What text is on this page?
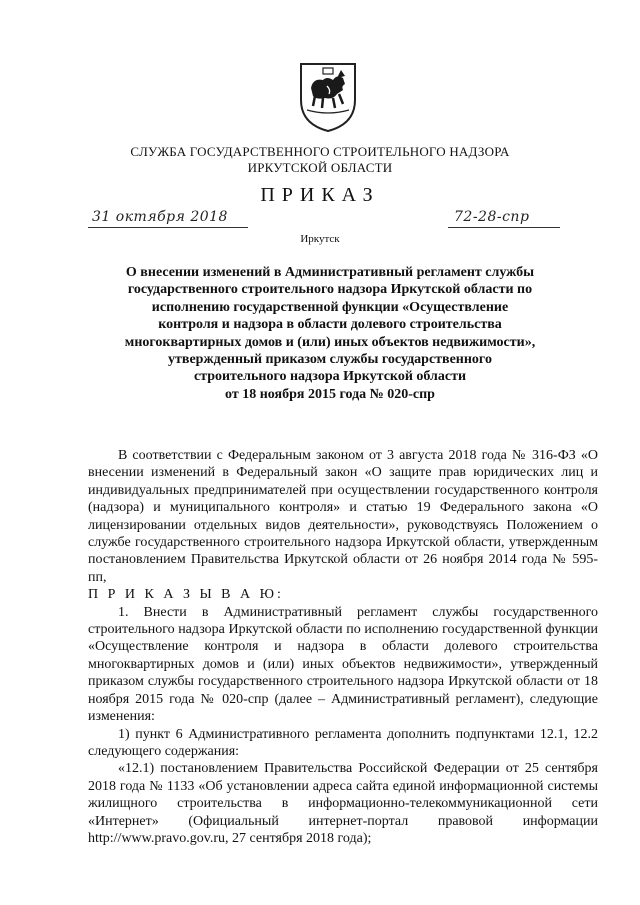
СЛУЖБА ГОСУДАРСТВЕННОГО СТРОИТЕЛЬНОГО НАДЗОРА
ИРКУТСКОЙ ОБЛАСТИ
ПРИКАЗ
31 октября 2018	72-28-спр
Иркутск
О внесении изменений в Административный регламент службы
государственного строительного надзора Иркутской области по
исполнению государственной функции «Осуществление
контроля и надзора в области долевого строительства
многоквартирных домов и (или) иных объектов недвижимости»,
утвержденный приказом службы государственного
строительного надзора Иркутской области
от 18 ноября 2015 года № 020-спр

В соответствии с Федеральным законом от 3 августа 2018 года № 316-ФЗ «О внесении изменений в Федеральный закон «О защите прав юридических лиц и индивидуальных предпринимателей при осуществлении государственного контроля (надзора) и муниципального контроля» и статью 19 Федерального закона «О лицензировании отдельных видов деятельности», руководствуясь Положением о службе государственного строительного надзора Иркутской области, утвержденным постановлением Правительства Иркутской области от 26 ноября 2014 года № 595-пп,

П Р И К А З Ы В А Ю:

1. Внести в Административный регламент службы государственного строительного надзора Иркутской области по исполнению государственной функции «Осуществление контроля и надзора в области долевого строительства многоквартирных домов и (или) иных объектов недвижимости», утвержденный приказом службы государственного строительного надзора Иркутской области от 18 ноября 2015 года № 020-спр (далее – Административный регламент), следующие изменения:

1) пункт 6 Административного регламента дополнить подпунктами 12.1, 12.2 следующего содержания:

«12.1) постановлением Правительства Российской Федерации от 25 сентября 2018 года № 1133 «Об установлении адреса сайта единой информационной системы жилищного строительства в информационно-телекоммуникационной сети «Интернет» (Официальный интернет-портал правовой информации http://www.pravo.gov.ru, 27 сентября 2018 года);
